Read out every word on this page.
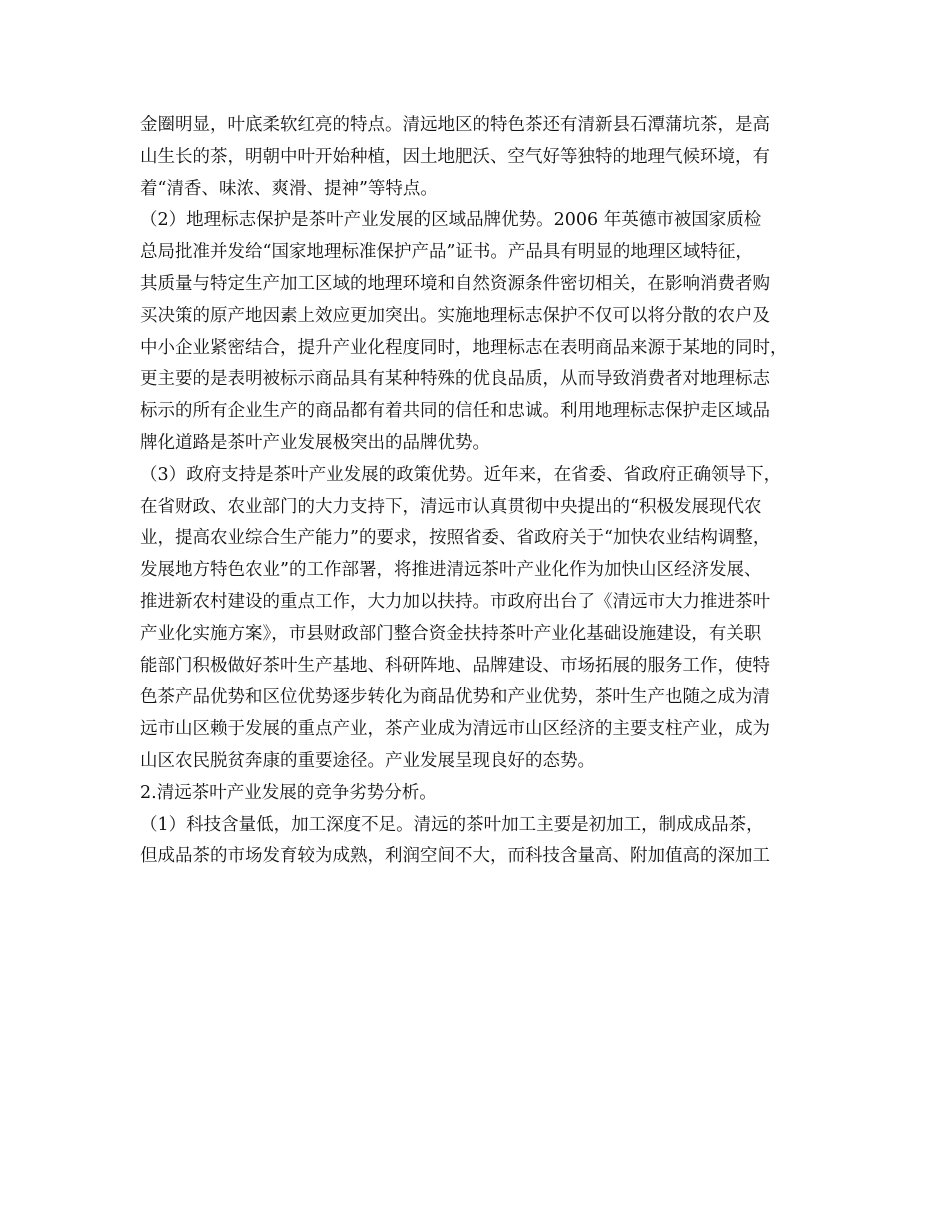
金圈明显，叶底柔软红亮的特点。清远地区的特色茶还有清新县石潭蒲坑茶，是高
山生长的茶，明朝中叶开始种植，因土地肥沃、空气好等独特的地理气候环境，有
着“清香、味浓、爽滑、提神”等特点。
（2）地理标志保护是茶叶产业发展的区域品牌优势。2006 年英德市被国家质检
总局批准并发给“国家地理标准保护产品”证书。产品具有明显的地理区域特征，
其质量与特定生产加工区域的地理环境和自然资源条件密切相关，在影响消费者购
买决策的原产地因素上效应更加突出。实施地理标志保护不仅可以将分散的农户及
中小企业紧密结合，提升产业化程度同时，地理标志在表明商品来源于某地的同时，
更主要的是表明被标示商品具有某种特殊的优良品质，从而导致消费者对地理标志
标示的所有企业生产的商品都有着共同的信任和忠诚。利用地理标志保护走区域品
牌化道路是茶叶产业发展极突出的品牌优势。
（3）政府支持是茶叶产业发展的政策优势。近年来，在省委、省政府正确领导下，
在省财政、农业部门的大力支持下，清远市认真贯彻中央提出的“积极发展现代农
业，提高农业综合生产能力”的要求，按照省委、省政府关于“加快农业结构调整，
发展地方特色农业”的工作部署，将推进清远茶叶产业化作为加快山区经济发展、
推进新农村建设的重点工作，大力加以扶持。市政府出台了《清远市大力推进茶叶
产业化实施方案》，市县财政部门整合资金扶持茶叶产业化基础设施建设，有关职
能部门积极做好茶叶生产基地、科研阵地、品牌建设、市场拓展的服务工作，使特
色茶产品优势和区位优势逐步转化为商品优势和产业优势，茶叶生产也随之成为清
远市山区赖于发展的重点产业，茶产业成为清远市山区经济的主要支柱产业，成为
山区农民脱贫奔康的重要途径。产业发展呈现良好的态势。
2.清远茶叶产业发展的竞争劣势分析。
（1）科技含量低，加工深度不足。清远的茶叶加工主要是初加工，制成成品茶，
但成品茶的市场发育较为成熟，利润空间不大，而科技含量高、附加值高的深加工
